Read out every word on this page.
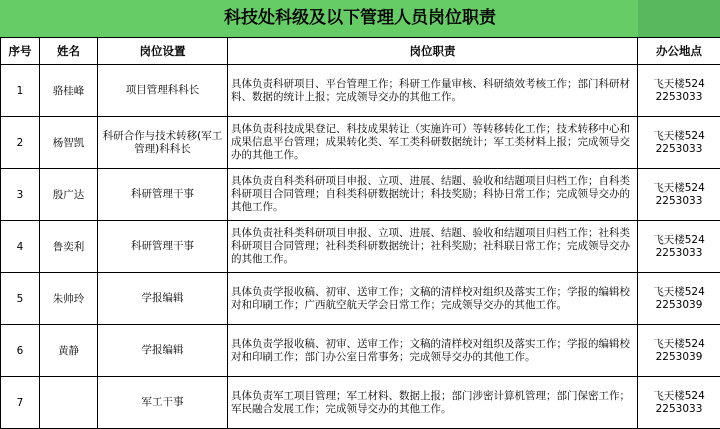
科技处科级及以下管理人员岗位职责
序号	姓名	岗位设置	岗位职责	办公地点
1	骆桂峰	项目管理科科长	具体负责科研项目、平台管理工作；科研工作量审核、科研绩效考核工作；部门科研材料、数据的统计上报；完成领导交办的其他工作。	飞天楼524
2253033

2	杨智凯	科研合作与技术转移(军工管理)科科长	具体负责科技成果登记、科技成果转让（实施许可）等转移转化工作；技术转移中心和成果信息平台管理；成果转化类、军工类科研数据统计；军工类材料上报；完成领导交办的其他工作。	飞天楼524
2253033

3	殷广达	科研管理干事	具体负责自科类科研项目申报、立项、进展、结题、验收和结题项目归档工作；自科类科研项目合同管理；自科类科研数据统计；科技奖励；科协日常工作；完成领导交办的其他工作。	飞天楼524
2253033

4	鲁奕利	科研管理干事	具体负责社科类科研项目申报、立项、进展、结题、验收和结题项目归档工作；社科类科研项目合同管理；社科类科研数据统计；社科奖励；社科联日常工作；完成领导交办的其他工作。	飞天楼524
2253033

5	朱帅玲	学报编辑	具体负责学报收稿、初审、送审工作；文稿的清样校对组织及落实工作；学报的编辑校对和印刷工作；广西航空航天学会日常工作；完成领导交办的其他工作。	飞天楼524
2253039

6	黄静	学报编辑	具体负责学报收稿、初审、送审工作；文稿的清样校对组织及落实工作；学报的编辑校对和印刷工作；部门办公室日常事务；完成领导交办的其他工作。	飞天楼524
2253039

7		军工干事	具体负责军工项目管理；军工材料、数据上报；部门涉密计算机管理；部门保密工作；军民融合发展工作；完成领导交办的其他工作。	飞天楼524
2253033
